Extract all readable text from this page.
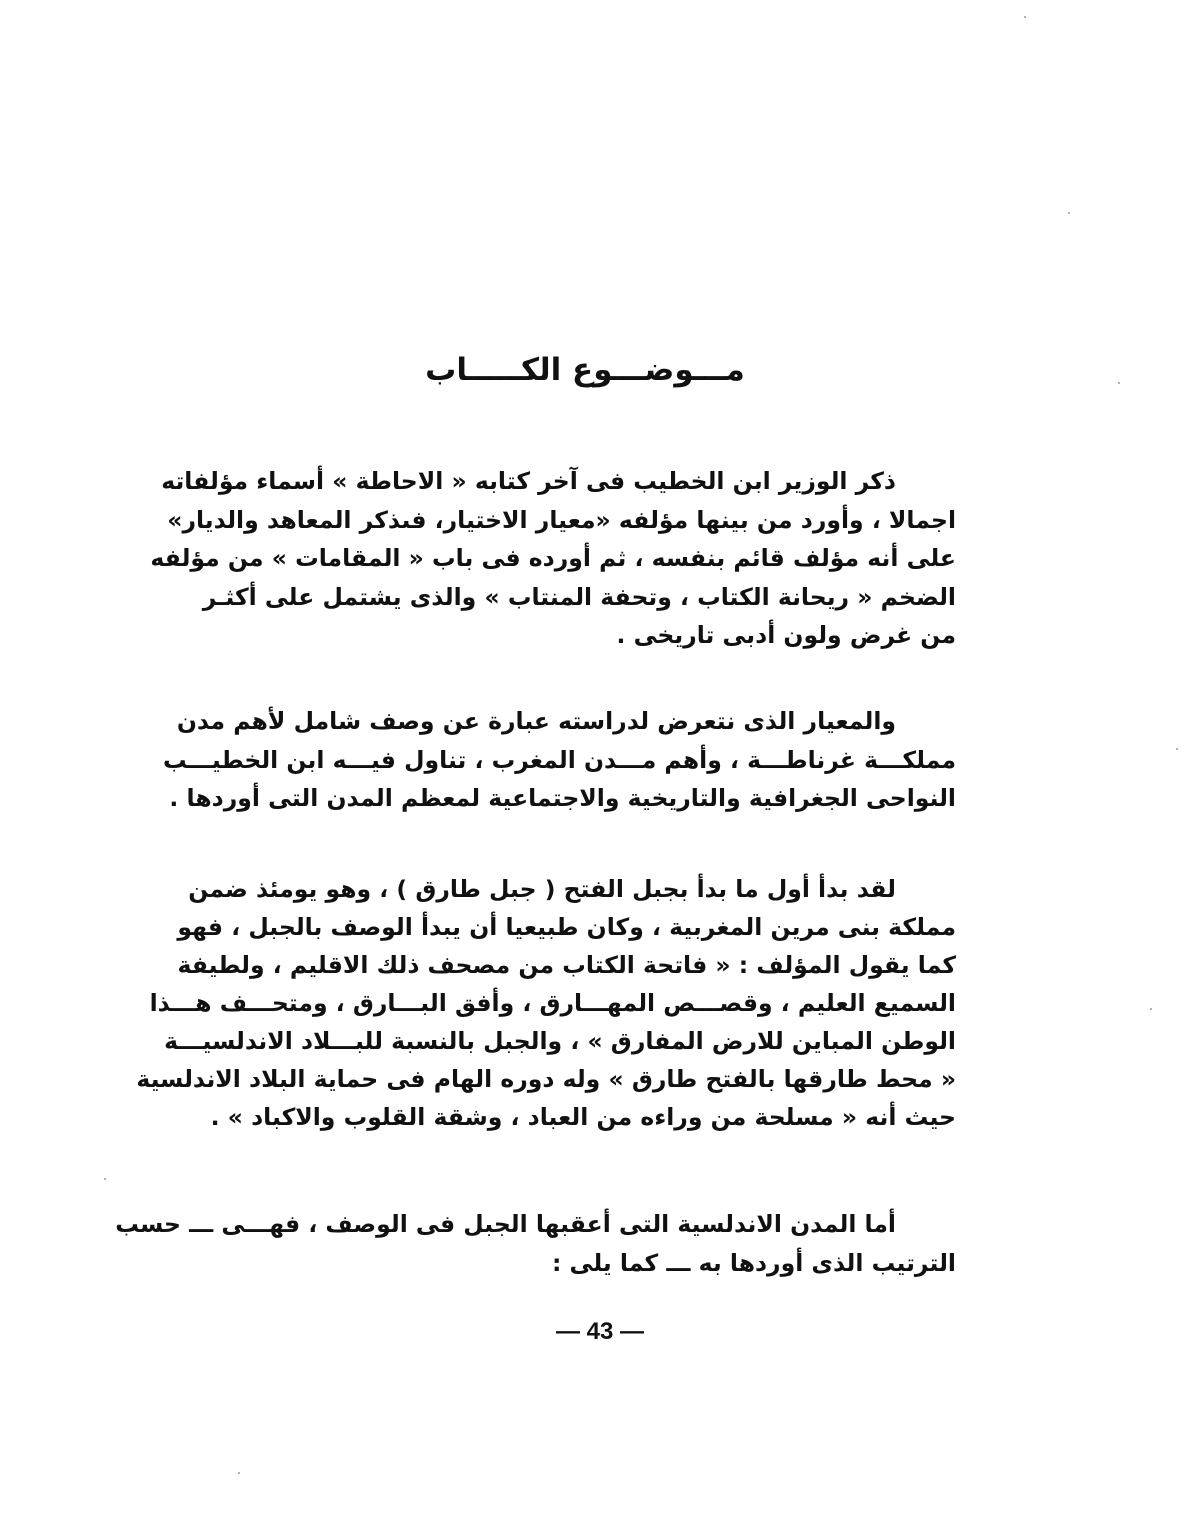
مـــوضـــوع الكـــــاب

ذكر الوزير ابن الخطيب فى آخر كتابه « الاحاطة » أسماء مؤلفاته
اجمالا ، وأورد من بينها مؤلفه «معيار الاختيار، فىذكر المعاهد والديار»
على أنه مؤلف قائم بنفسه ، ثم أورده فى باب « المقامات » من مؤلفه
الضخم « ريحانة الكتاب ، وتحفة المنتاب » والذى يشتمل على أكثـر
من غرض ولون أدبى تاريخى .

والمعيار الذى نتعرض لدراسته عبارة عن وصف شامل لأهم مدن
مملكـــة غرناطـــة ، وأهم مـــدن المغرب ، تناول فيـــه ابن الخطيـــب
النواحى الجغرافية والتاريخية والاجتماعية لمعظم المدن التى أوردها .

لقد بدأ أول ما بدأ بجبل الفتح ( جبل طارق ) ، وهو يومئذ ضمن
مملكة بنى مرين المغربية ، وكان طبيعيا أن يبدأ الوصف بالجبل ، فهو
كما يقول المؤلف : « فاتحة الكتاب من مصحف ذلك الاقليم ، ولطيفة
السميع العليم ، وقصـــص المهـــارق ، وأفق البـــارق ، ومتحـــف هـــذا
الوطن المباين للارض المفارق » ، والجبل بالنسبة للبـــلاد الاندلسيـــة
« محط طارقها بالفتح طارق » وله دوره الهام فى حماية البلاد الاندلسية
حيث أنه « مسلحة من وراءه من العباد ، وشقة القلوب والاكباد » .

أما المدن الاندلسية التى أعقبها الجبل فى الوصف ، فهـــى ـــ حسب
الترتيب الذى أوردها به ـــ كما يلى :

— 43 —
